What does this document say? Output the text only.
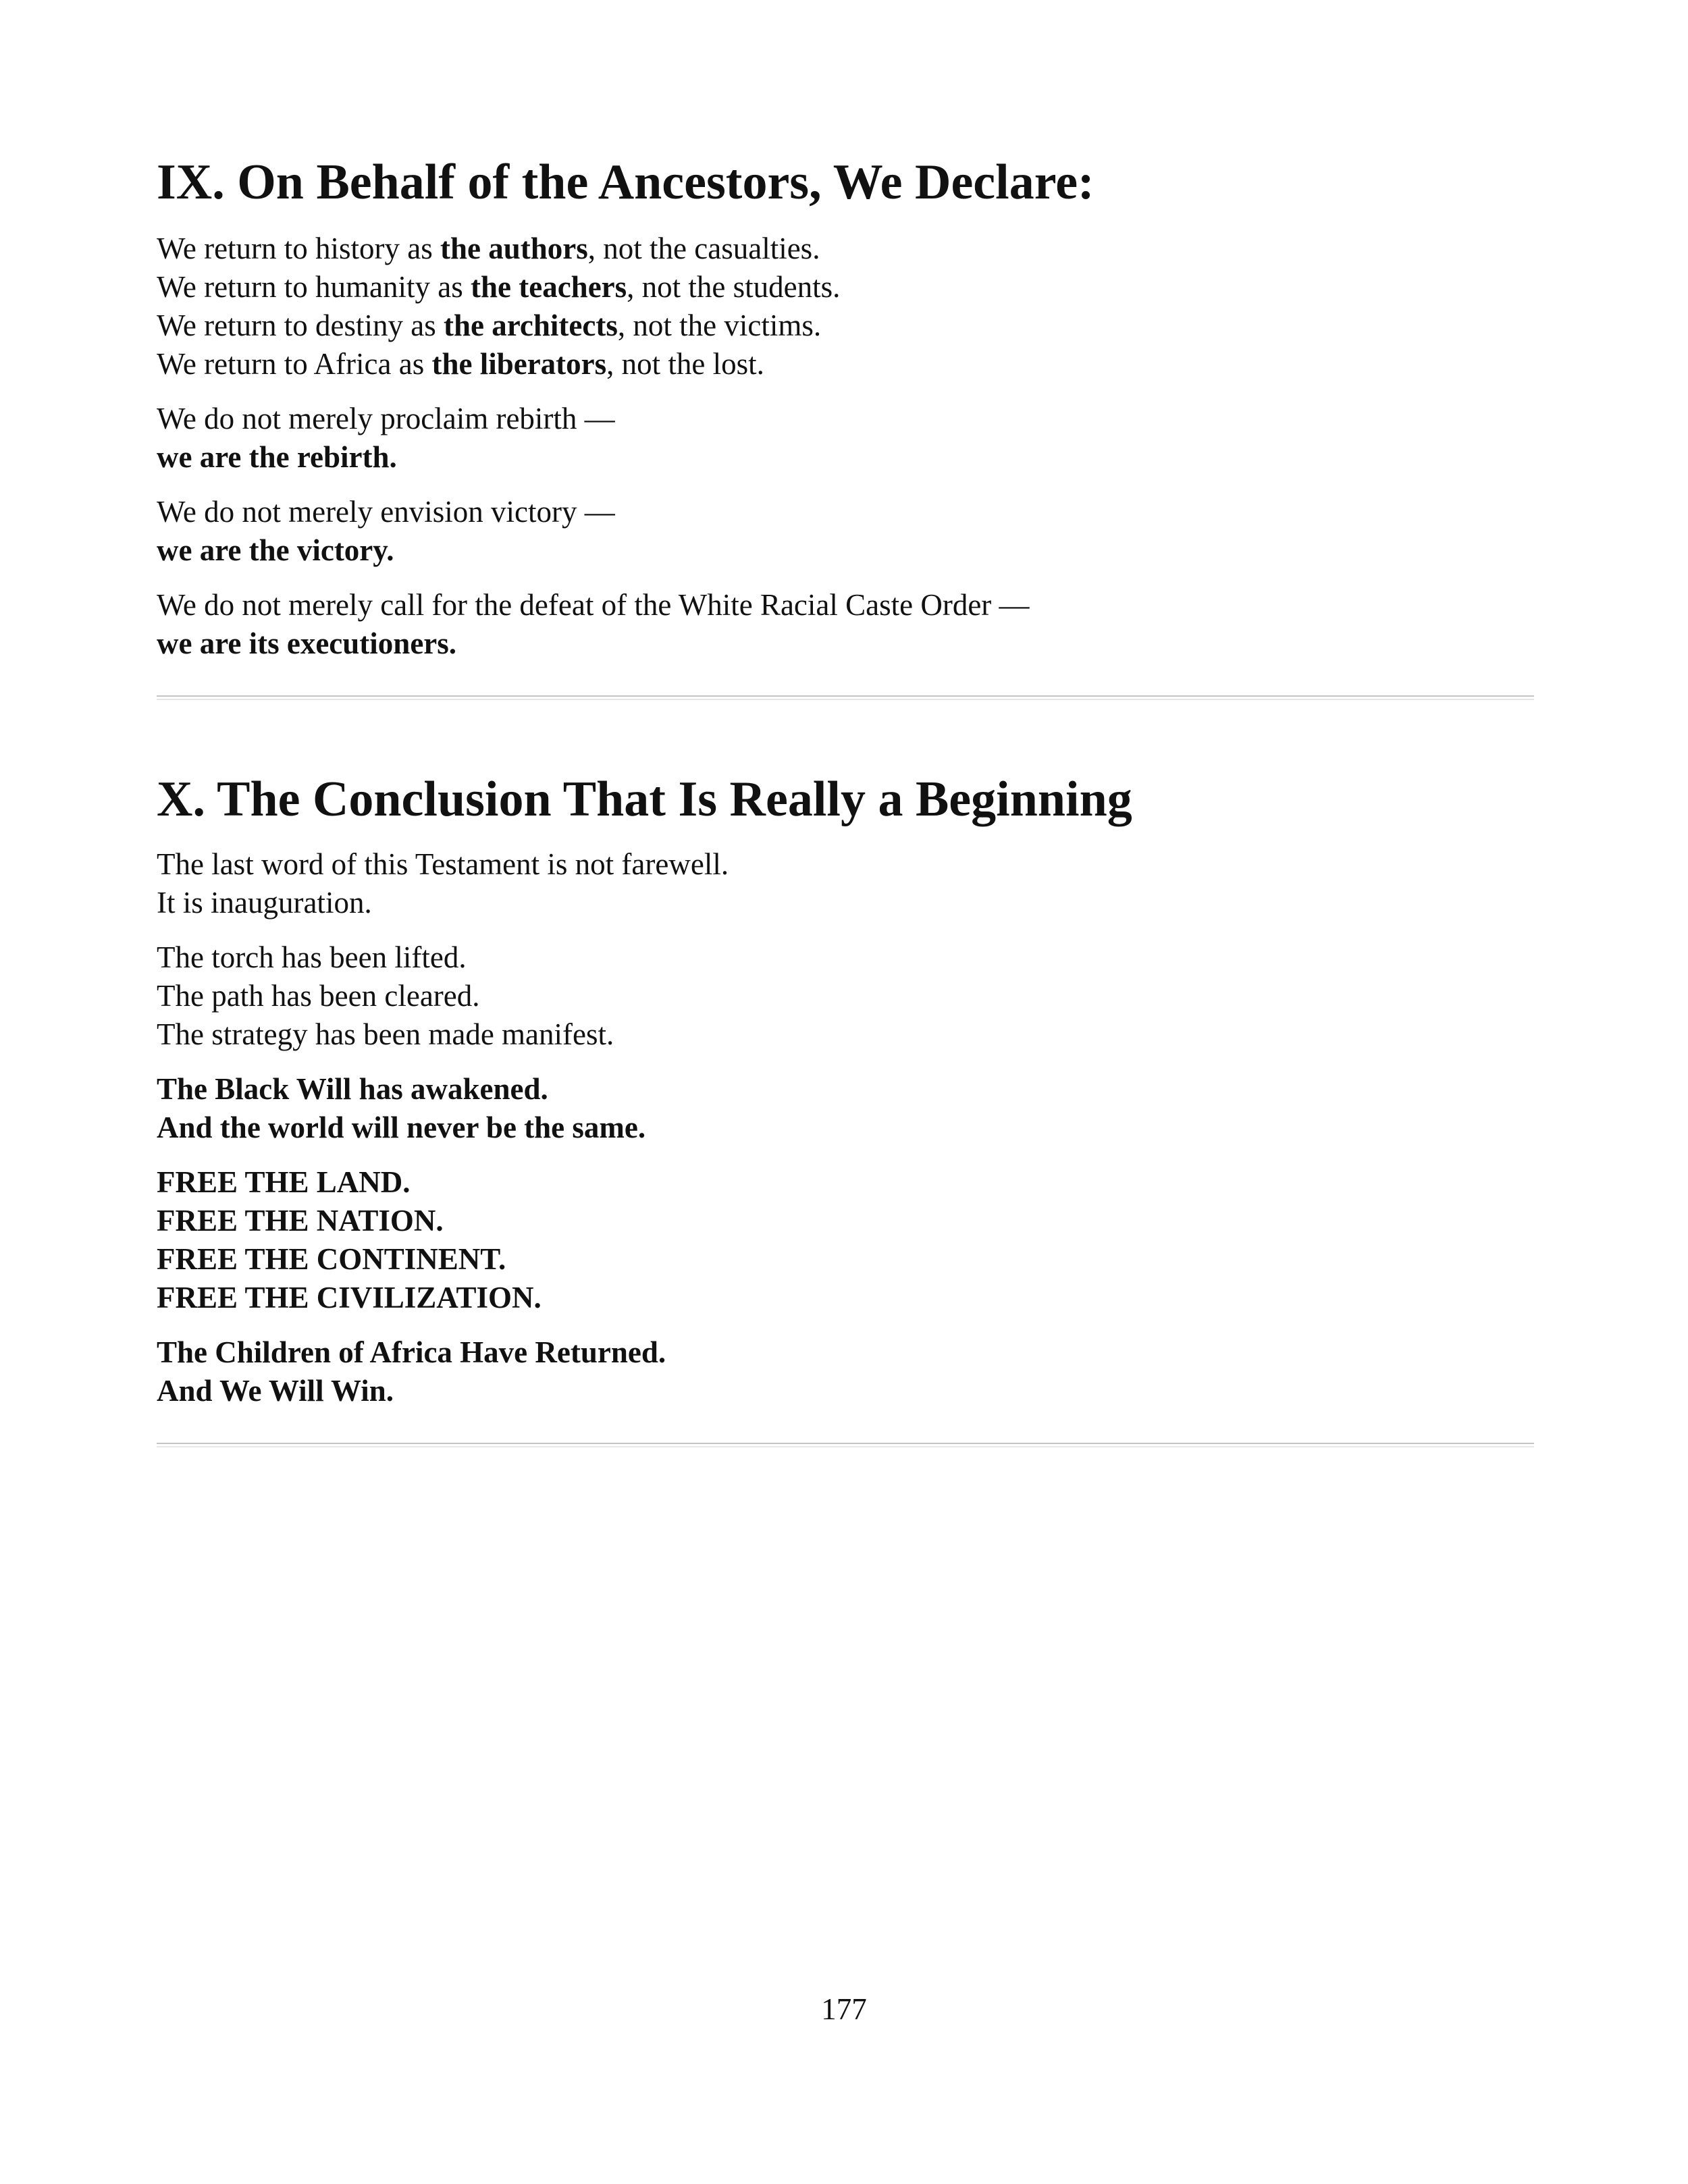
IX. On Behalf of the Ancestors, We Declare:

We return to history as the authors, not the casualties.

We return to humanity as the teachers, not the students.

We return to destiny as the architects, not the victims.

We return to Africa as the liberators, not the lost.

We do not merely proclaim rebirth —

we are the rebirth.

We do not merely envision victory —

we are the victory.

We do not merely call for the defeat of the White Racial Caste Order —

we are its executioners.

X. The Conclusion That Is Really a Beginning

The last word of this Testament is not farewell.

It is inauguration.

The torch has been lifted.

The path has been cleared.

The strategy has been made manifest.

The Black Will has awakened.

And the world will never be the same.

FREE THE LAND.

FREE THE NATION.

FREE THE CONTINENT.

FREE THE CIVILIZATION.

The Children of Africa Have Returned.

And We Will Win.

177
